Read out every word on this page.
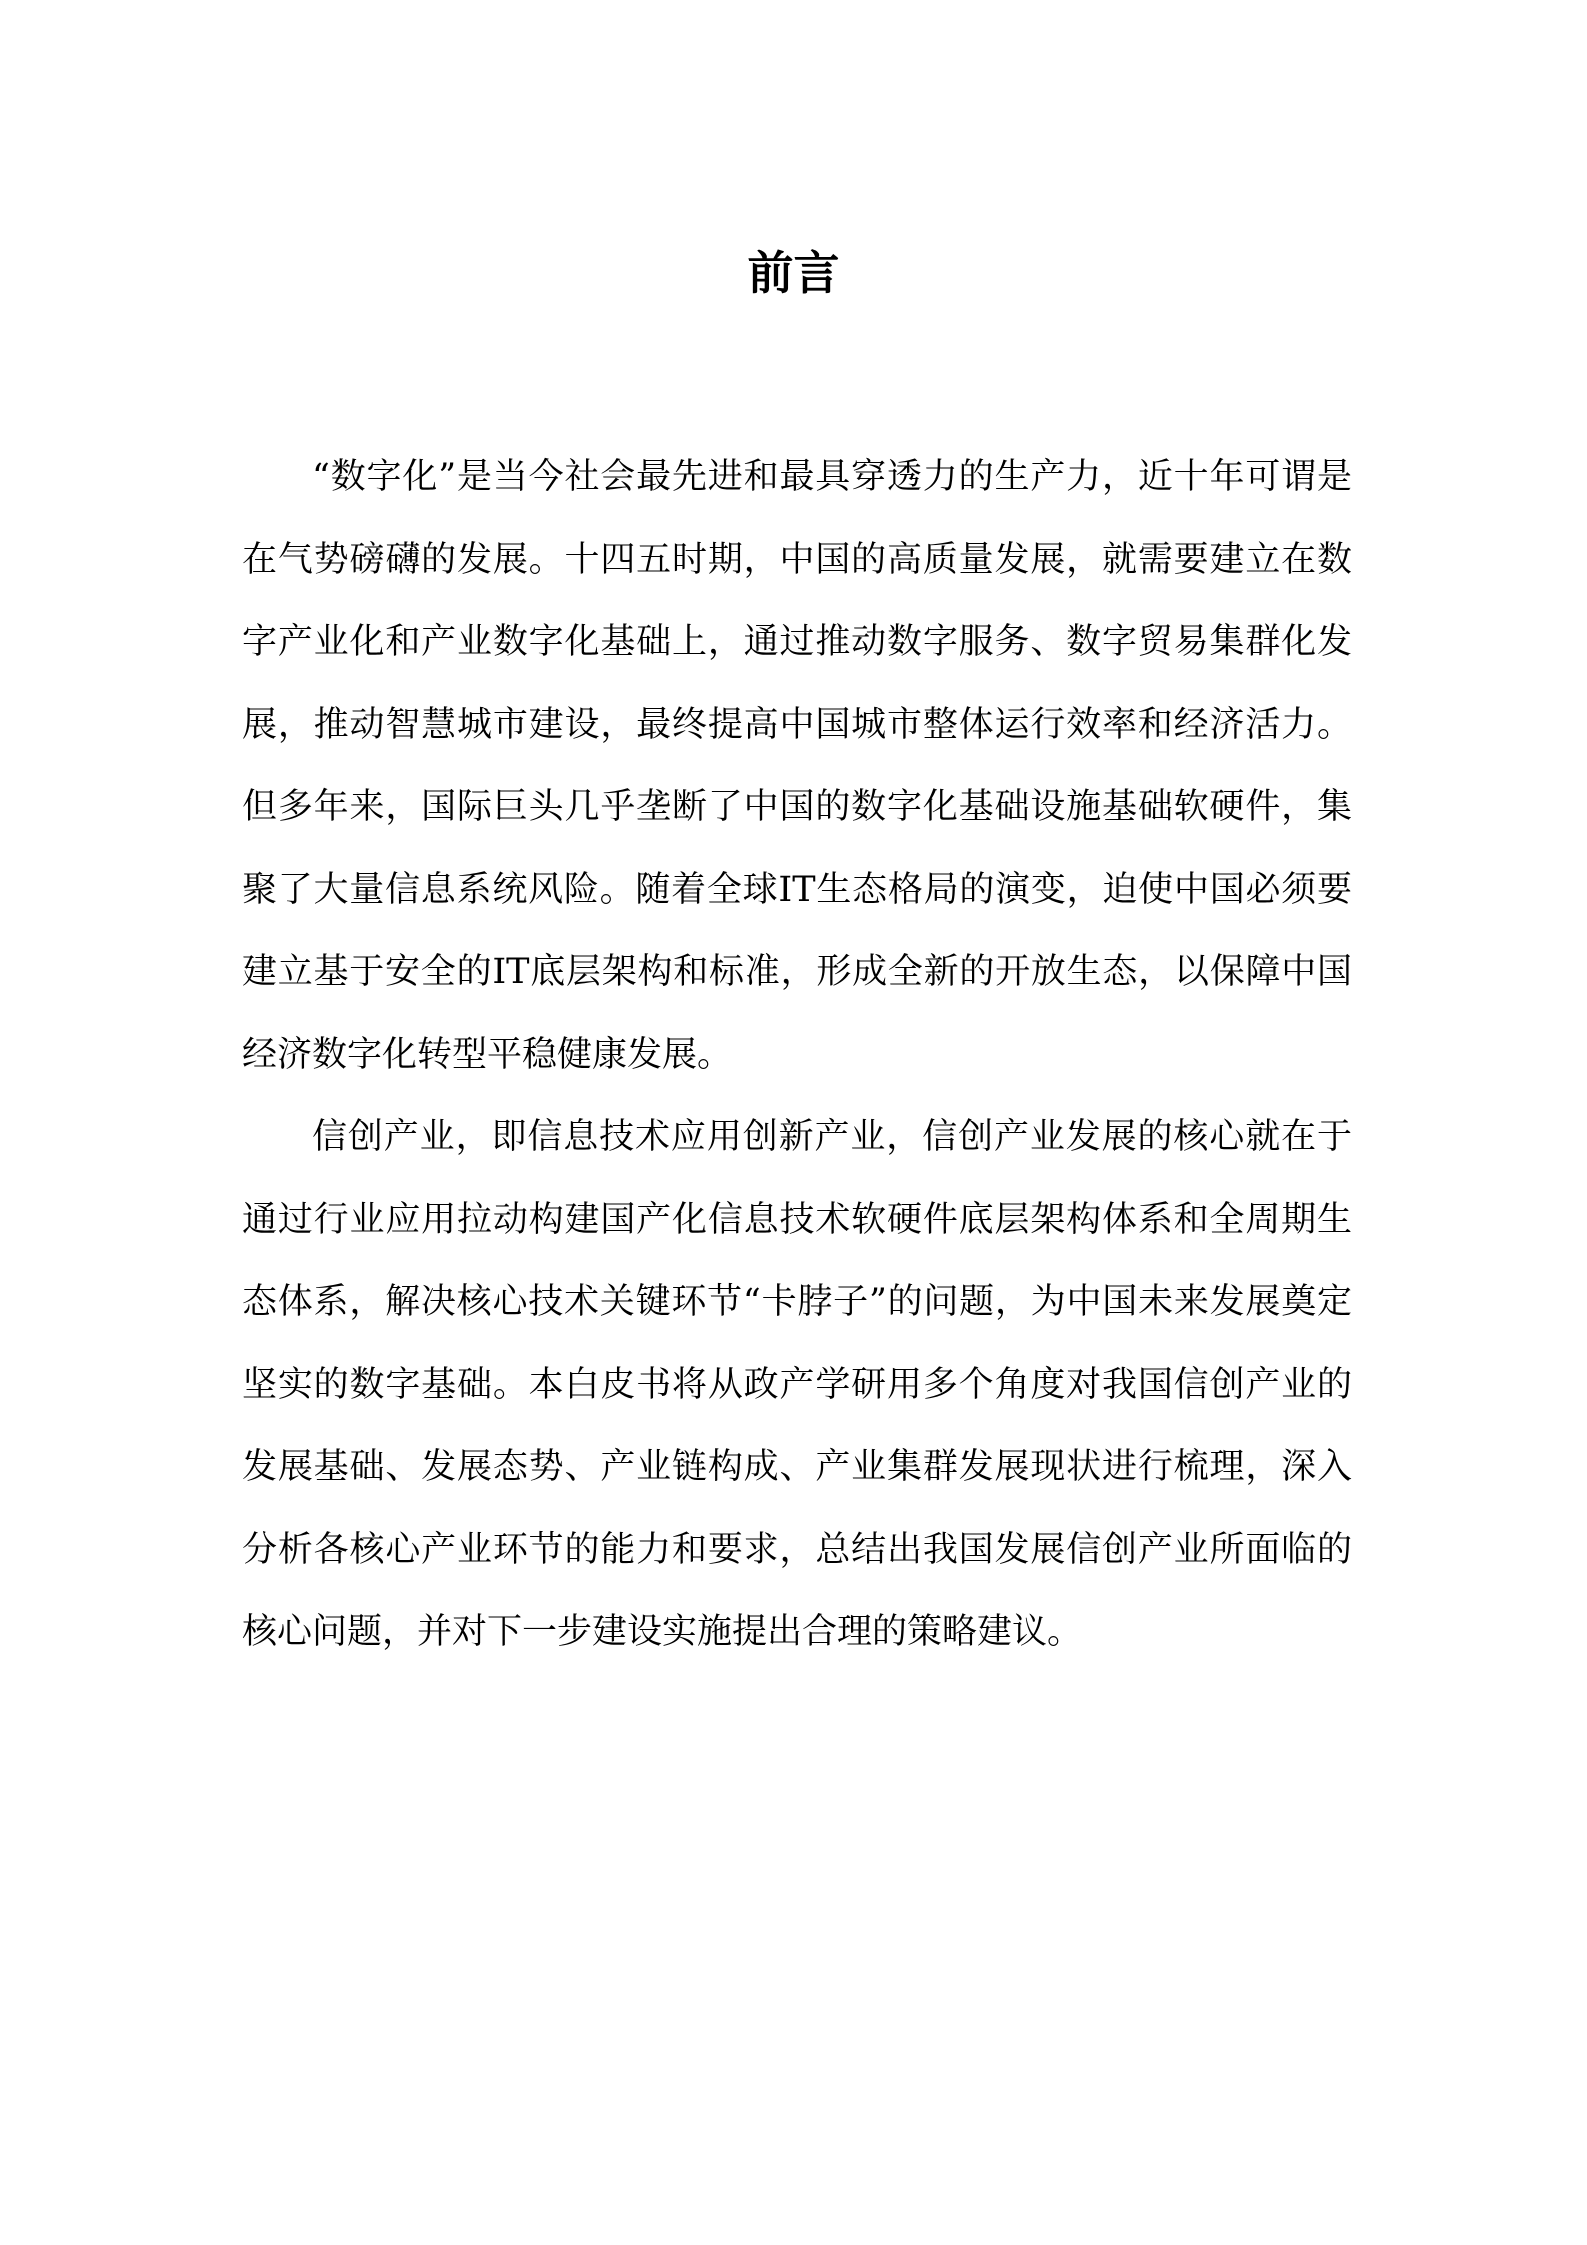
前言

“数字化”是当今社会最先进和最具穿透力的生产力，近十年可谓是在气势磅礴的发展。十四五时期，中国的高质量发展，就需要建立在数字产业化和产业数字化基础上，通过推动数字服务、数字贸易集群化发展，推动智慧城市建设，最终提高中国城市整体运行效率和经济活力。但多年来，国际巨头几乎垄断了中国的数字化基础设施基础软硬件，集聚了大量信息系统风险。随着全球IT生态格局的演变，迫使中国必须要建立基于安全的IT底层架构和标准，形成全新的开放生态，以保障中国经济数字化转型平稳健康发展。

信创产业，即信息技术应用创新产业，信创产业发展的核心就在于通过行业应用拉动构建国产化信息技术软硬件底层架构体系和全周期生态体系，解决核心技术关键环节“卡脖子”的问题，为中国未来发展奠定坚实的数字基础。本白皮书将从政产学研用多个角度对我国信创产业的发展基础、发展态势、产业链构成、产业集群发展现状进行梳理，深入分析各核心产业环节的能力和要求，总结出我国发展信创产业所面临的核心问题，并对下一步建设实施提出合理的策略建议。
